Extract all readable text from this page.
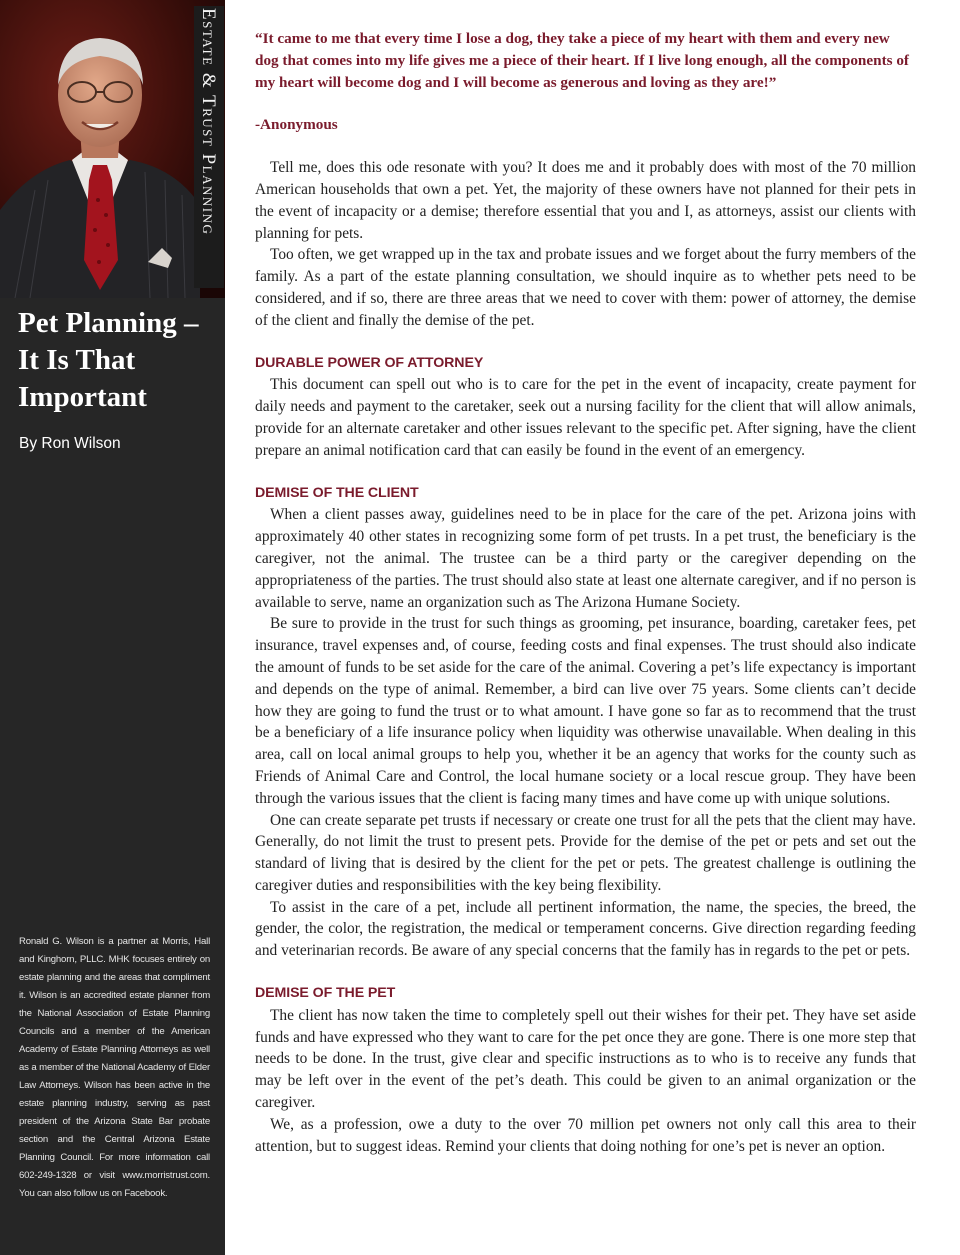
Estate & Trust Planning
Pet Planning – It Is That Important
By Ron Wilson
Ronald G. Wilson is a partner at Morris, Hall and Kinghorn, PLLC. MHK focuses entirely on estate planning and the areas that compliment it. Wilson is an accredited estate planner from the National Association of Estate Planning Councils and a member of the American Academy of Estate Planning Attorneys as well as a member of the National Academy of Elder Law Attorneys. Wilson has been active in the estate planning industry, serving as past president of the Arizona State Bar probate section and the Central Arizona Estate Planning Council. For more information call 602-249-1328 or visit www.morristrust.com. You can also follow us on Facebook.

“It came to me that every time I lose a dog, they take a piece of my heart with them and every new dog that comes into my life gives me a piece of their heart. If I live long enough, all the components of my heart will become dog and I will become as generous and loving as they are!”

-Anonymous

Tell me, does this ode resonate with you? It does me and it probably does with most of the 70 million American households that own a pet. Yet, the majority of these owners have not planned for their pets in the event of incapacity or a demise; therefore essential that you and I, as attorneys, assist our clients with planning for pets.

Too often, we get wrapped up in the tax and probate issues and we forget about the furry members of the family. As a part of the estate planning consultation, we should inquire as to whether pets need to be considered, and if so, there are three areas that we need to cover with them: power of attorney, the demise of the client and finally the demise of the pet.

DURABLE POWER OF ATTORNEY

This document can spell out who is to care for the pet in the event of incapacity, create payment for daily needs and payment to the caretaker, seek out a nursing facility for the client that will allow animals, provide for an alternate caretaker and other issues relevant to the specific pet. After signing, have the client prepare an animal notification card that can easily be found in the event of an emergency.

DEMISE OF THE CLIENT

When a client passes away, guidelines need to be in place for the care of the pet. Arizona joins with approximately 40 other states in recognizing some form of pet trusts. In a pet trust, the beneficiary is the caregiver, not the animal. The trustee can be a third party or the caregiver depending on the appropriateness of the parties. The trust should also state at least one alternate caregiver, and if no person is available to serve, name an organization such as The Arizona Humane Society.

Be sure to provide in the trust for such things as grooming, pet insurance, boarding, caretaker fees, pet insurance, travel expenses and, of course, feeding costs and final expenses. The trust should also indicate the amount of funds to be set aside for the care of the animal. Covering a pet’s life expectancy is important and depends on the type of animal. Remember, a bird can live over 75 years. Some clients can’t decide how they are going to fund the trust or to what amount. I have gone so far as to recommend that the trust be a beneficiary of a life insurance policy when liquidity was otherwise unavailable. When dealing in this area, call on local animal groups to help you, whether it be an agency that works for the county such as Friends of Animal Care and Control, the local humane society or a local rescue group. They have been through the various issues that the client is facing many times and have come up with unique solutions.

One can create separate pet trusts if necessary or create one trust for all the pets that the client may have. Generally, do not limit the trust to present pets. Provide for the demise of the pet or pets and set out the standard of living that is desired by the client for the pet or pets. The greatest challenge is outlining the caregiver duties and responsibilities with the key being flexibility.

To assist in the care of a pet, include all pertinent information, the name, the species, the breed, the gender, the color, the registration, the medical or temperament concerns. Give direction regarding feeding and veterinarian records. Be aware of any special concerns that the family has in regards to the pet or pets.

DEMISE OF THE PET

The client has now taken the time to completely spell out their wishes for their pet. They have set aside funds and have expressed who they want to care for the pet once they are gone. There is one more step that needs to be done. In the trust, give clear and specific instructions as to who is to receive any funds that may be left over in the event of the pet’s death. This could be given to an animal organization or the caregiver.

We, as a profession, owe a duty to the over 70 million pet owners not only call this area to their attention, but to suggest ideas. Remind your clients that doing nothing for one’s pet is never an option.
